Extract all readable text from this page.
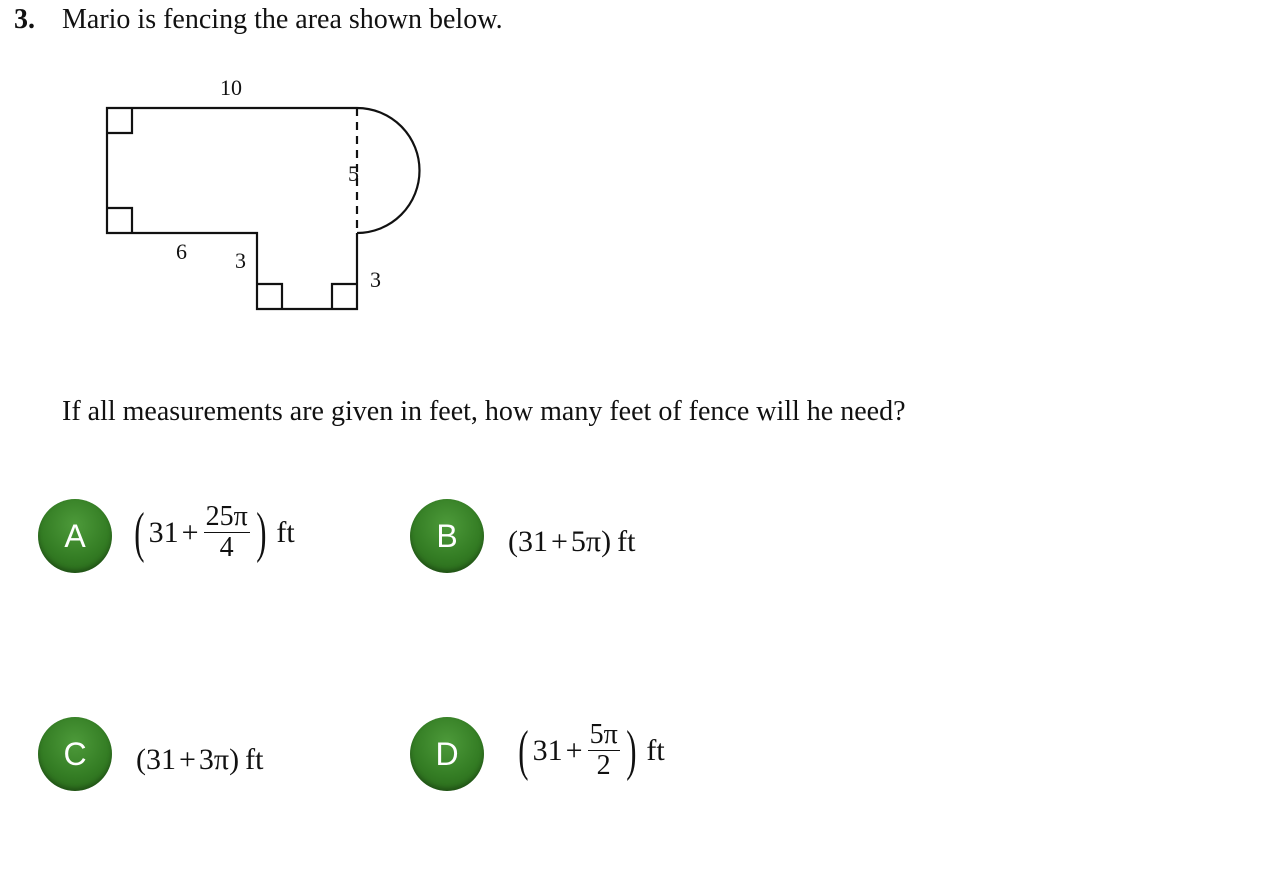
3. Mario is fencing the area shown below.
10
5
6 3
3
If all measurements are given in feet, how many feet of fence will he need?
A ( $31 + \frac{25\pi}{4}$ ) ft	B	( 31 + 5π ) ft
C	( 31 + 3π ) ft	D	( $31 + \frac{5\pi}{2}$ ) ft
